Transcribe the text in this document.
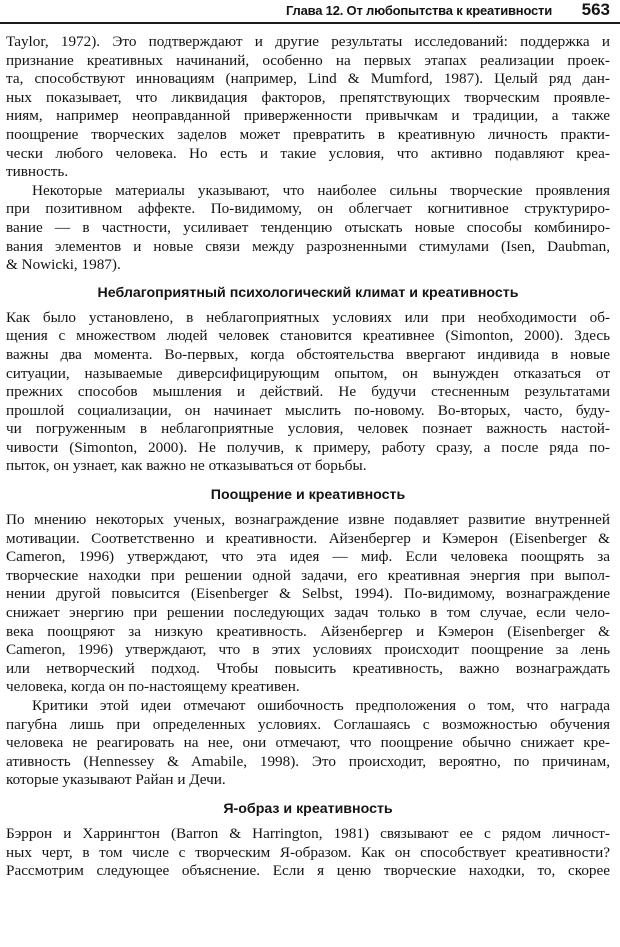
Глава 12. От любопытства к креативности 563

Taylor, 1972). Это подтверждают и другие результаты исследований: поддержка и
признание креативных начинаний, особенно на первых этапах реализации проек-
та, способствуют инновациям (например, Lind & Mumford, 1987). Целый ряд дан-
ных показывает, что ликвидация факторов, препятствующих творческим проявле-
ниям, например неоправданной приверженности привычкам и традиции, а также
поощрение творческих заделов может превратить в креативную личность практи-
чески любого человека. Но есть и такие условия, что активно подавляют креа-
тивность.

Некоторые материалы указывают, что наиболее сильны творческие проявления
при позитивном аффекте. По-видимому, он облегчает когнитивное структуриро-
вание — в частности, усиливает тенденцию отыскать новые способы комбиниро-
вания элементов и новые связи между разрозненными стимулами (Isen, Daubman,
& Nowicki, 1987).

Неблагоприятный психологический климат и креативность

Как было установлено, в неблагоприятных условиях или при необходимости об-
щения с множеством людей человек становится креативнее (Simonton, 2000). Здесь
важны два момента. Во-первых, когда обстоятельства ввергают индивида в новые
ситуации, называемые диверсифицирующим опытом, он вынужден отказаться от
прежних способов мышления и действий. Не будучи стесненным результатами
прошлой социализации, он начинает мыслить по-новому. Во-вторых, часто, буду-
чи погруженным в неблагоприятные условия, человек познает важность настой-
чивости (Simonton, 2000). Не получив, к примеру, работу сразу, а после ряда по-
пыток, он узнает, как важно не отказываться от борьбы.

Поощрение и креативность

По мнению некоторых ученых, вознаграждение извне подавляет развитие внутренней
мотивации. Соответственно и креативности. Айзенбергер и Кэмерон (Eisenberger &
Cameron, 1996) утверждают, что эта идея — миф. Если человека поощрять за
творческие находки при решении одной задачи, его креативная энергия при выпол-
нении другой повысится (Eisenberger & Selbst, 1994). По-видимому, вознаграждение
снижает энергию при решении последующих задач только в том случае, если чело-
века поощряют за низкую креативность. Айзенбергер и Кэмерон (Eisenberger &
Cameron, 1996) утверждают, что в этих условиях происходит поощрение за лень
или нетворческий подход. Чтобы повысить креативность, важно вознаграждать
человека, когда он по-настоящему креативен.

Критики этой идеи отмечают ошибочность предположения о том, что награда
пагубна лишь при определенных условиях. Соглашаясь с возможностью обучения
человека не реагировать на нее, они отмечают, что поощрение обычно снижает кре-
ативность (Hennessey & Amabile, 1998). Это происходит, вероятно, по причинам,
которые указывают Райан и Дечи.

Я-образ и креативность

Бэррон и Харрингтон (Barron & Harrington, 1981) связывают ее с рядом личност-
ных черт, в том числе с творческим Я-образом. Как он способствует креативности?
Рассмотрим следующее объяснение. Если я ценю творческие находки, то, скорее
